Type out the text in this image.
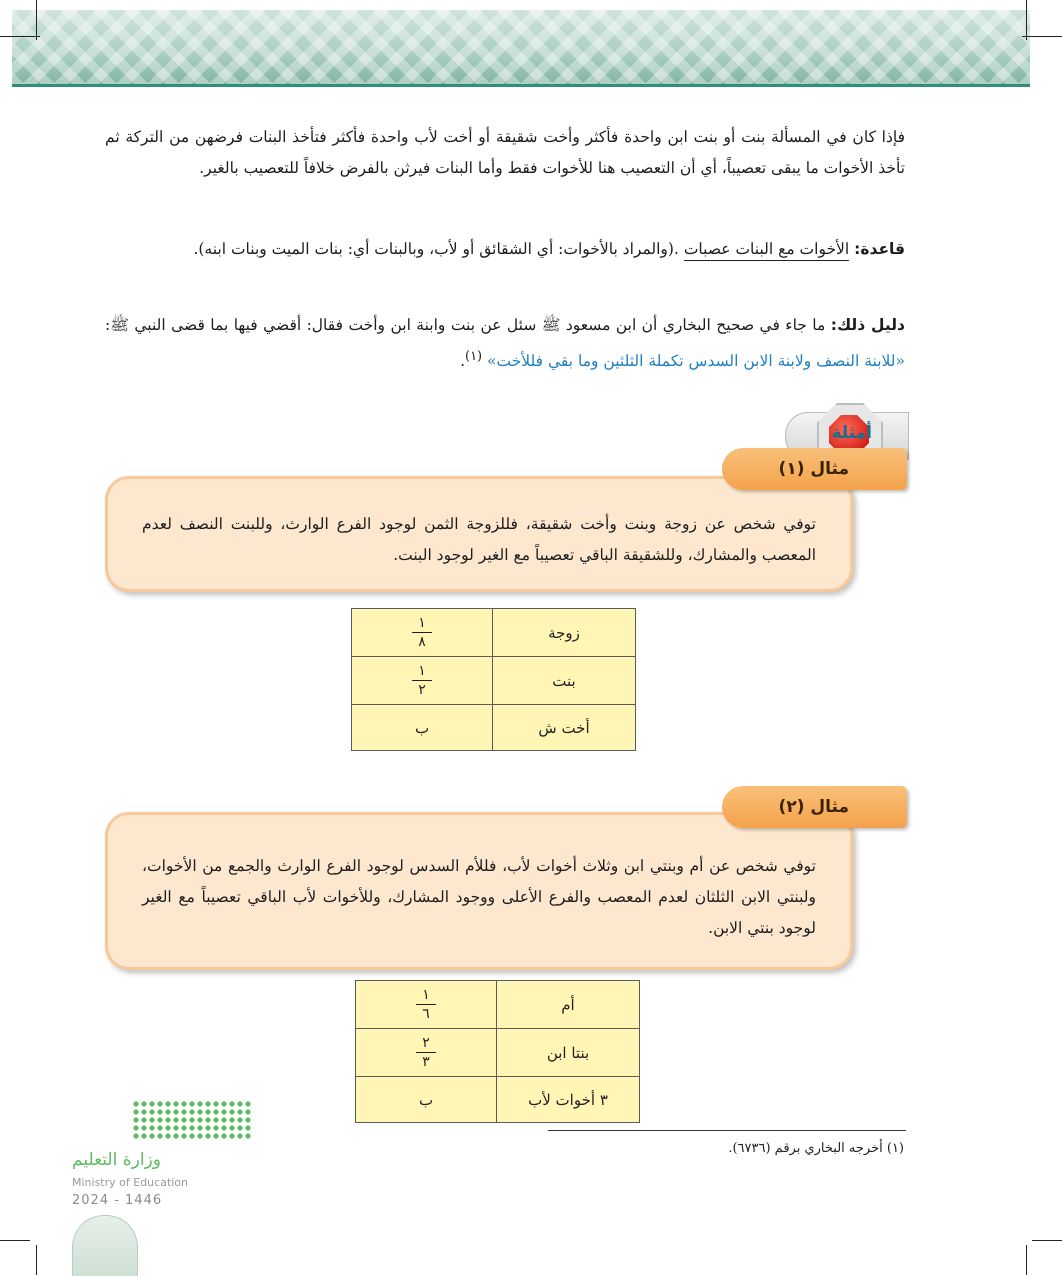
فإذا كان في المسألة بنت أو بنت ابن واحدة فأكثر وأخت شقيقة أو أخت لأب واحدة فأكثر فتأخذ البنات فرضهن من التركة ثم تأخذ الأخوات ما يبقى تعصيباً، أي أن التعصيب هنا للأخوات فقط وأما البنات فيرثن بالفرض خلافاً للتعصيب بالغير.
قاعدة: الأخوات مع البنات عصبات .(والمراد بالأخوات: أي الشقائق أو لأب، وبالبنات أي: بنات الميت وبنات ابنه).
دليل ذلك: ما جاء في صحيح البخاري أن ابن مسعود ﷺ سئل عن بنت وابنة ابن وأخت فقال: أقضي فيها بما قضى النبي ﷺ: «للابنة النصف ولابنة الابن السدس تكملة الثلثين وما بقي فللأخت» $^{(١)}$.
أمثلة
توفي شخص عن زوجة وبنت وأخت شقيقة، فللزوجة الثمن لوجود الفرع الوارث، وللبنت النصف لعدم المعصب والمشارك، وللشقيقة الباقي تعصيباً مع الغير لوجود البنت.
مثال (١)
زوجة	$\frac{١}{٨}$

بنت	$\frac{١}{٢}$

أخت ش	ب
توفي شخص عن أم وبنتي ابن وثلاث أخوات لأب، فللأم السدس لوجود الفرع الوارث والجمع من الأخوات، ولبنتي الابن الثلثان لعدم المعصب والفرع الأعلى ووجود المشارك، وللأخوات لأب الباقي تعصيباً مع الغير لوجود بنتي الابن.
مثال (٢)
أم	$\frac{١}{٦}$

بنتا ابن	$\frac{٢}{٣}$

٣ أخوات لأب	ب
(١) أخرجه البخاري برقم (٦٧٣٦).
وزارة التعليم
Ministry of Education
2024 - 1446
